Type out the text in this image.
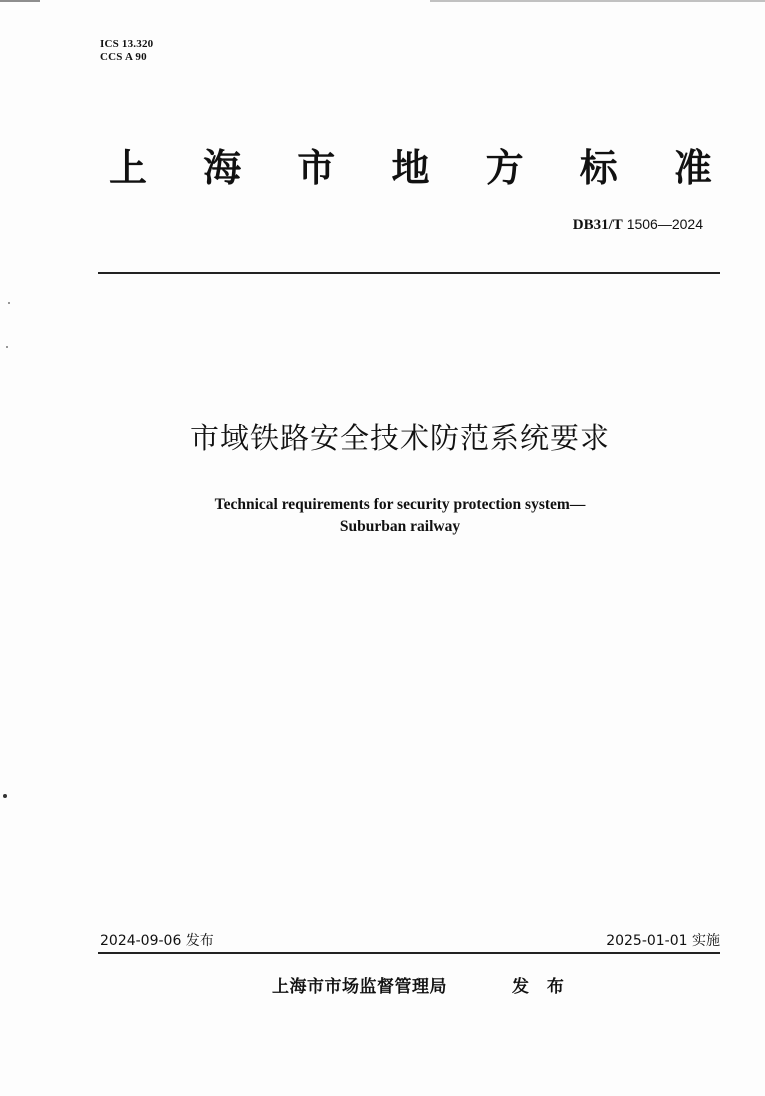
ICS 13.320
CCS A 90
上 海 市 地 方 标 准
DB31/T 1506—2024
市域铁路安全技术防范系统要求
Technical requirements for security protection system—
Suburban railway
2024-09-06 发布	2025-01-01 实施
上海市市场监督管理局	发 布
